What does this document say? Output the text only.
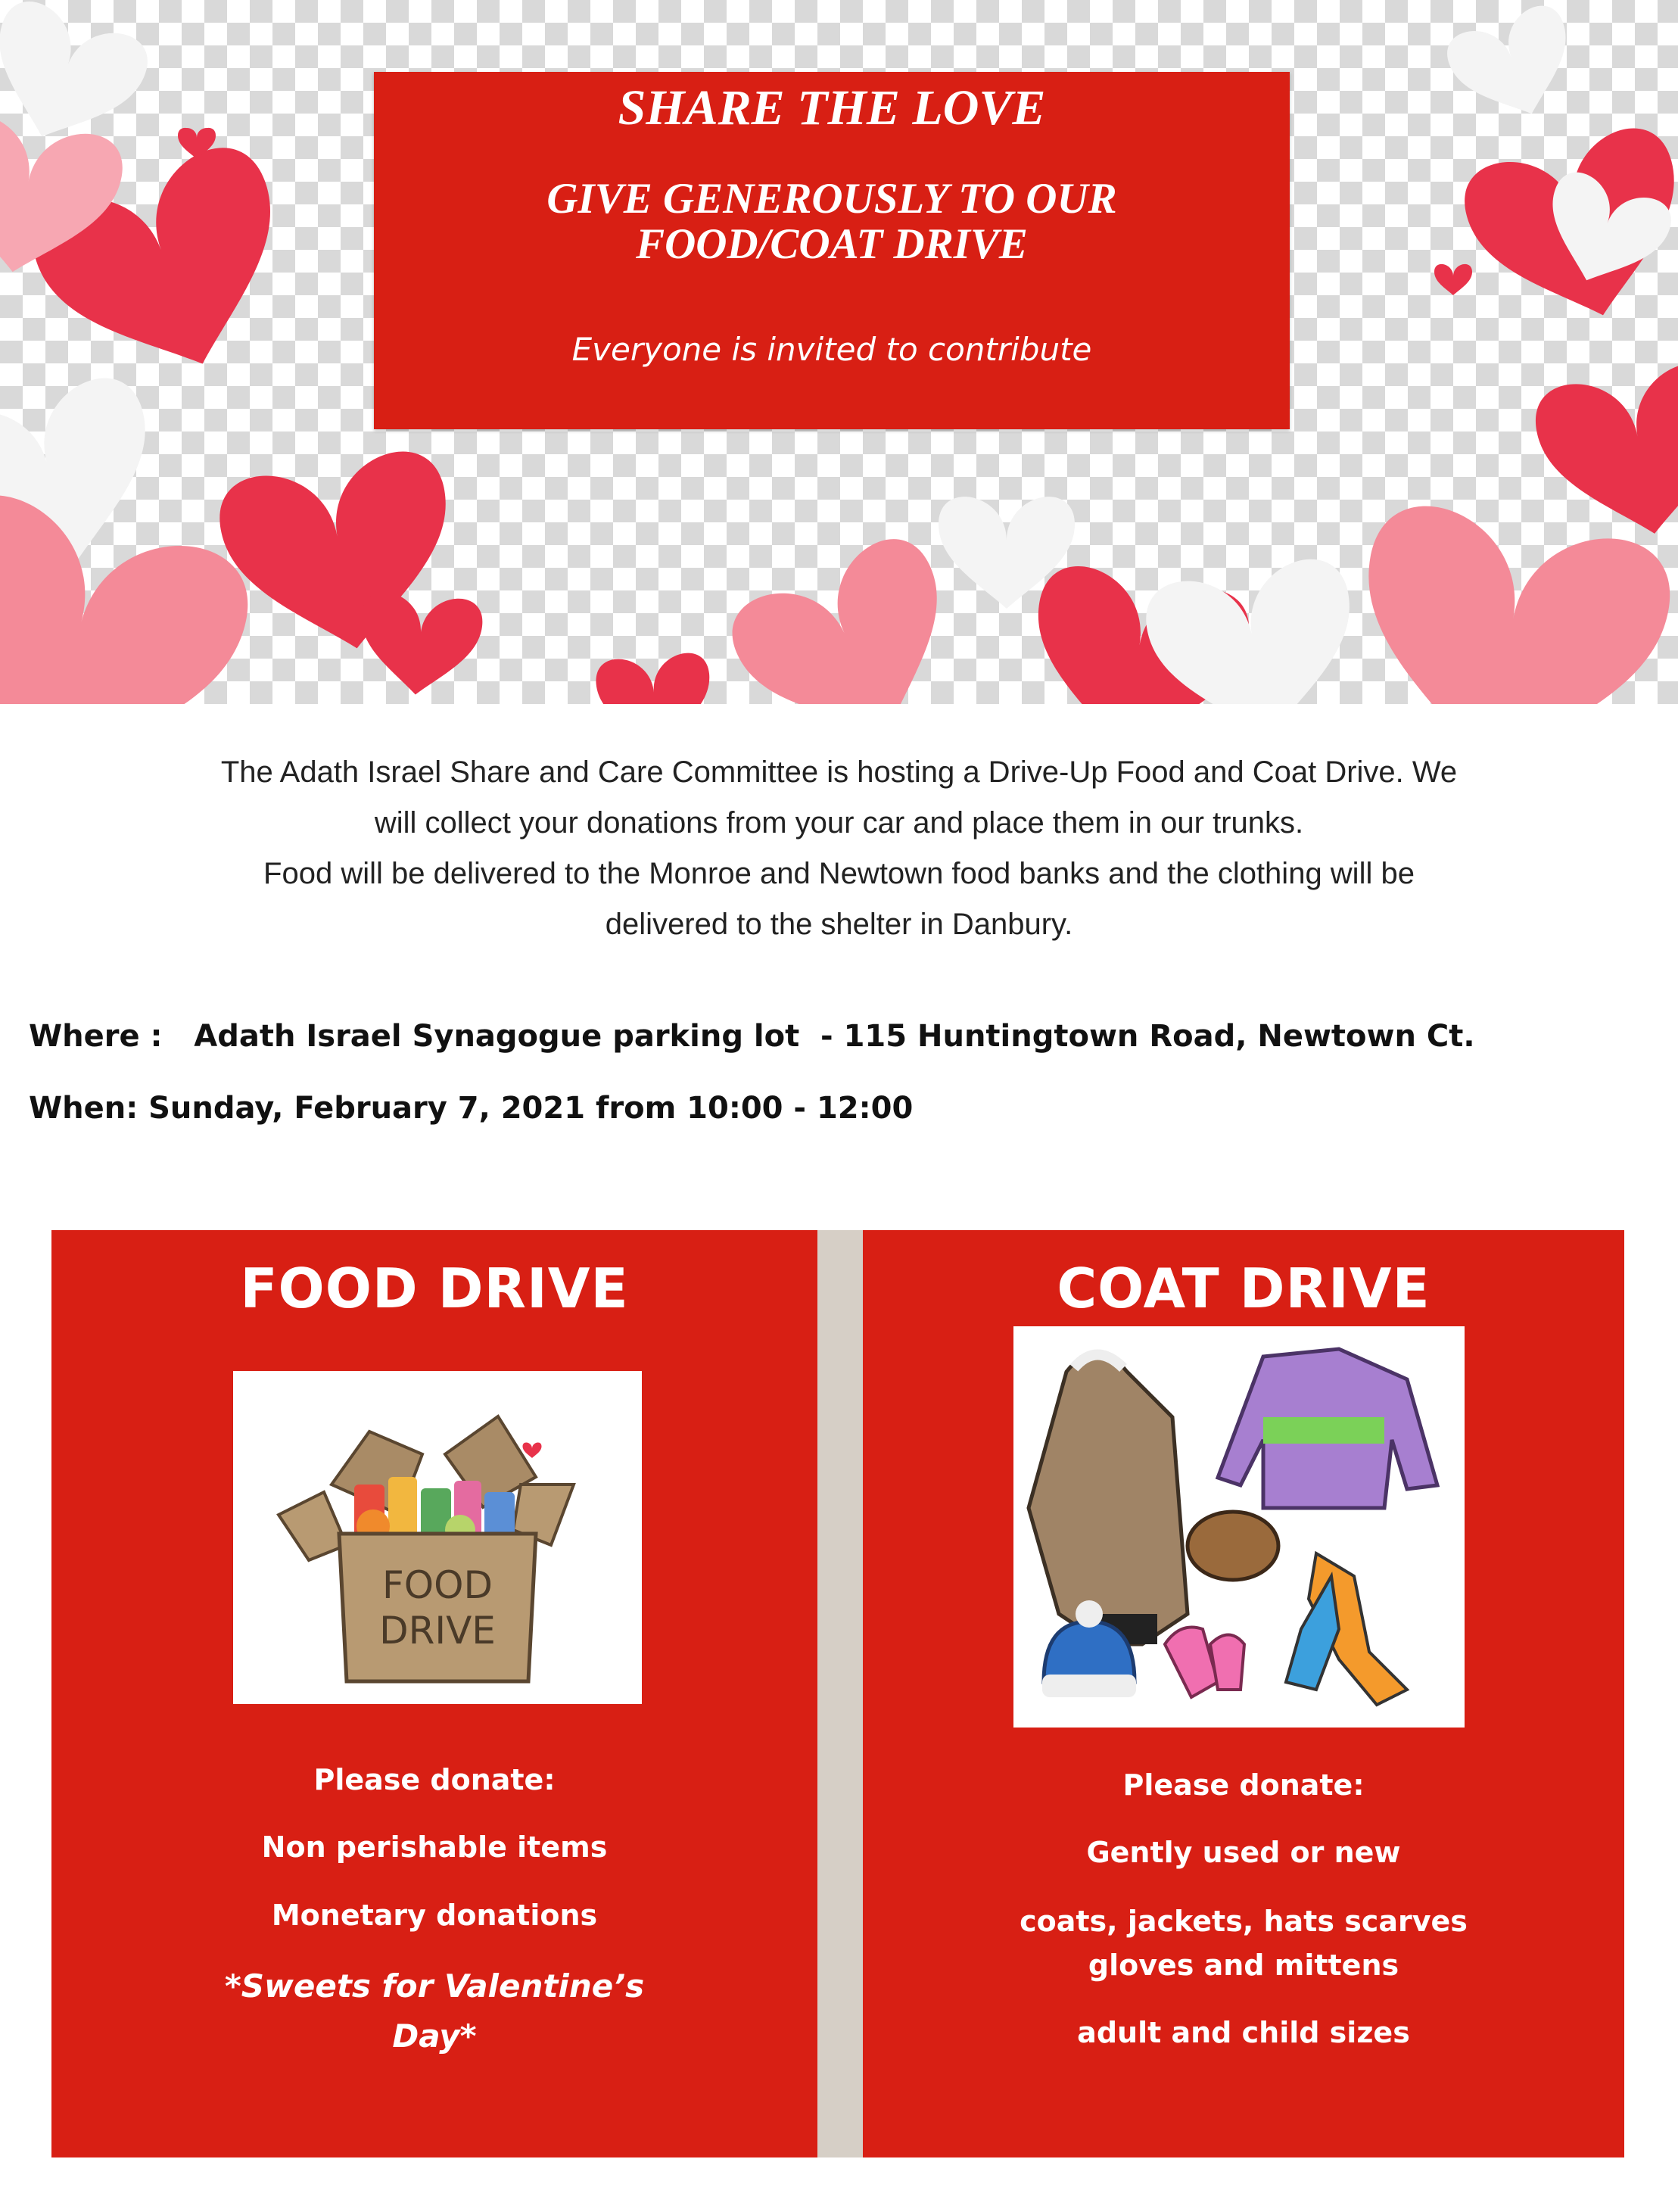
SHARE THE LOVE
GIVE GENEROUSLY TO OUR
FOOD/COAT DRIVE
Everyone is invited to contribute

The Adath Israel Share and Care Committee is hosting a Drive-Up Food and Coat Drive. We

will collect your donations from your car and place them in our trunks.

Food will be delivered to the Monroe and Newtown food banks and the clothing will be

delivered to the shelter in Danbury.

Where :   Adath Israel Synagogue parking lot  - 115 Huntingtown Road, Newtown Ct.
When: Sunday, February 7, 2021 from 10:00 - 12:00
FOOD DRIVE
FOOD
DRIVE
Please donate:
Non perishable items
Monetary donations
*Sweets for Valentine’s
Day*
COAT DRIVE
Please donate:
Gently used or new
coats, jackets, hats scarves
gloves and mittens
adult and child sizes
